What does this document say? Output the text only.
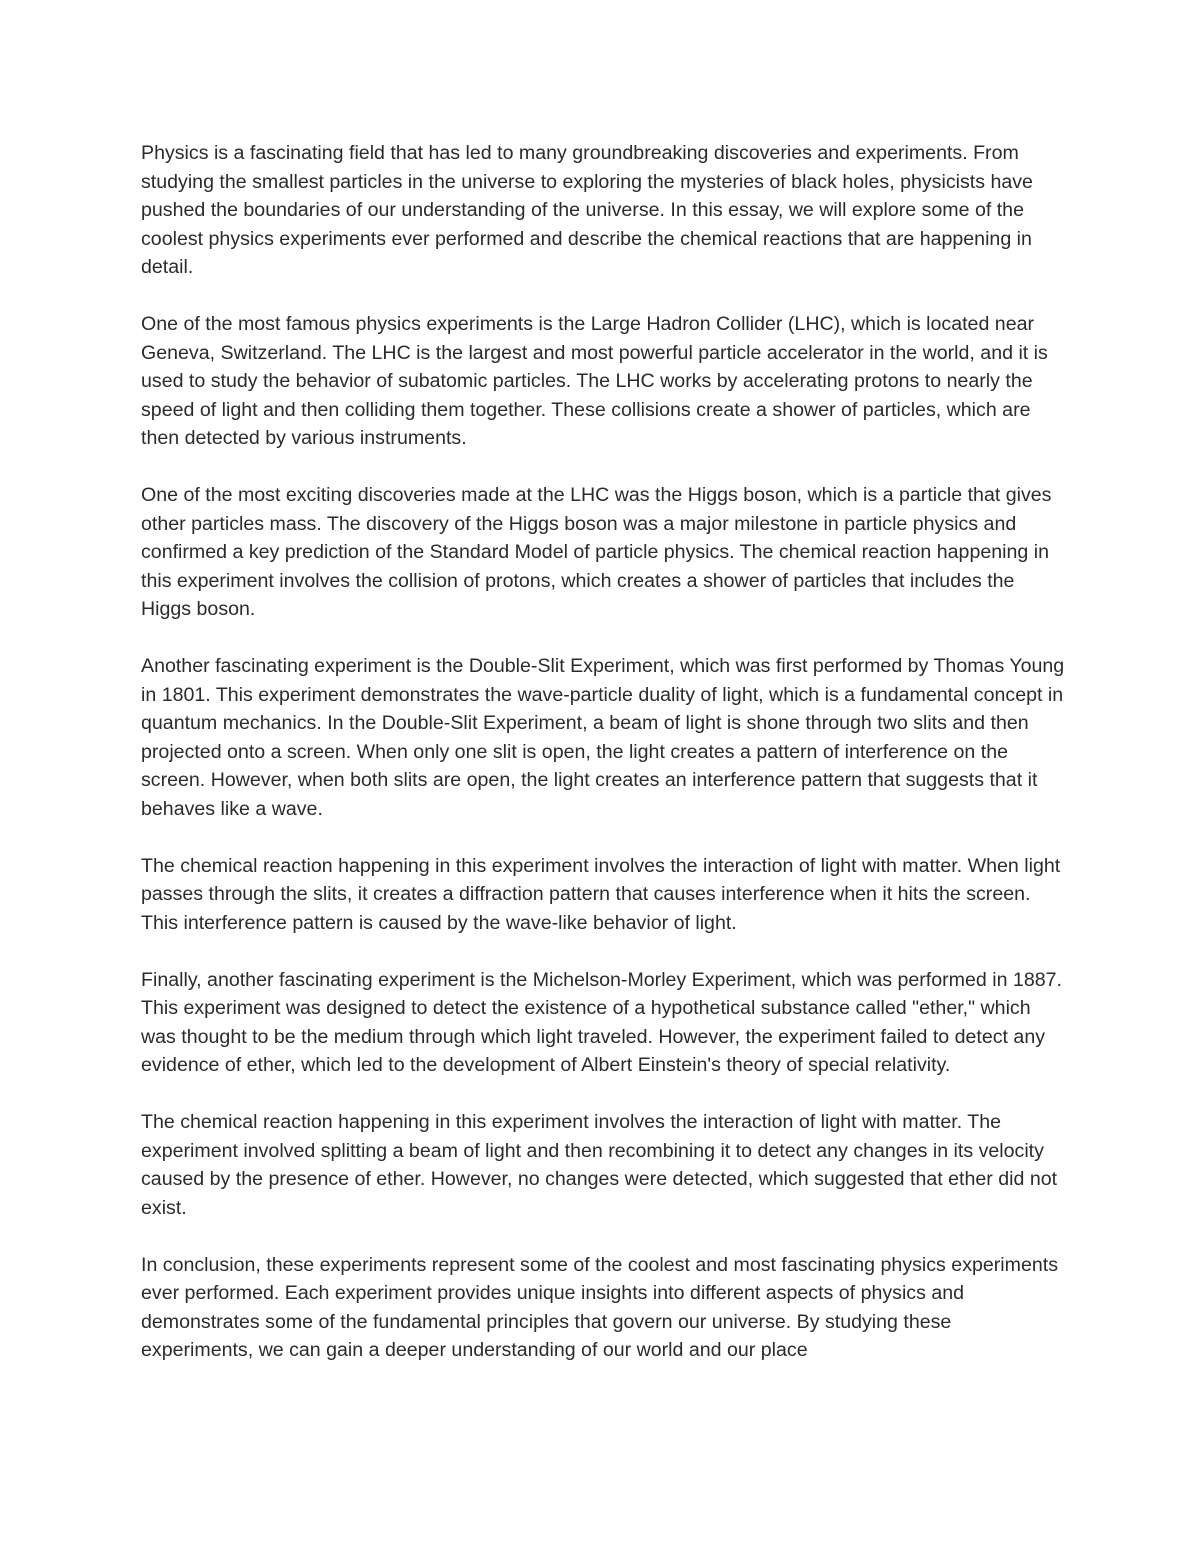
Physics is a fascinating field that has led to many groundbreaking discoveries and experiments. From studying the smallest particles in the universe to exploring the mysteries of black holes, physicists have pushed the boundaries of our understanding of the universe. In this essay, we will explore some of the coolest physics experiments ever performed and describe the chemical reactions that are happening in detail.

One of the most famous physics experiments is the Large Hadron Collider (LHC), which is located near Geneva, Switzerland. The LHC is the largest and most powerful particle accelerator in the world, and it is used to study the behavior of subatomic particles. The LHC works by accelerating protons to nearly the speed of light and then colliding them together. These collisions create a shower of particles, which are then detected by various instruments.

One of the most exciting discoveries made at the LHC was the Higgs boson, which is a particle that gives other particles mass. The discovery of the Higgs boson was a major milestone in particle physics and confirmed a key prediction of the Standard Model of particle physics. The chemical reaction happening in this experiment involves the collision of protons, which creates a shower of particles that includes the Higgs boson.

Another fascinating experiment is the Double-Slit Experiment, which was first performed by Thomas Young in 1801. This experiment demonstrates the wave-particle duality of light, which is a fundamental concept in quantum mechanics. In the Double-Slit Experiment, a beam of light is shone through two slits and then projected onto a screen. When only one slit is open, the light creates a pattern of interference on the screen. However, when both slits are open, the light creates an interference pattern that suggests that it behaves like a wave.

The chemical reaction happening in this experiment involves the interaction of light with matter. When light passes through the slits, it creates a diffraction pattern that causes interference when it hits the screen. This interference pattern is caused by the wave-like behavior of light.

Finally, another fascinating experiment is the Michelson-Morley Experiment, which was performed in 1887. This experiment was designed to detect the existence of a hypothetical substance called "ether," which was thought to be the medium through which light traveled. However, the experiment failed to detect any evidence of ether, which led to the development of Albert Einstein's theory of special relativity.

The chemical reaction happening in this experiment involves the interaction of light with matter. The experiment involved splitting a beam of light and then recombining it to detect any changes in its velocity caused by the presence of ether. However, no changes were detected, which suggested that ether did not exist.

In conclusion, these experiments represent some of the coolest and most fascinating physics experiments ever performed. Each experiment provides unique insights into different aspects of physics and demonstrates some of the fundamental principles that govern our universe. By studying these experiments, we can gain a deeper understanding of our world and our place
